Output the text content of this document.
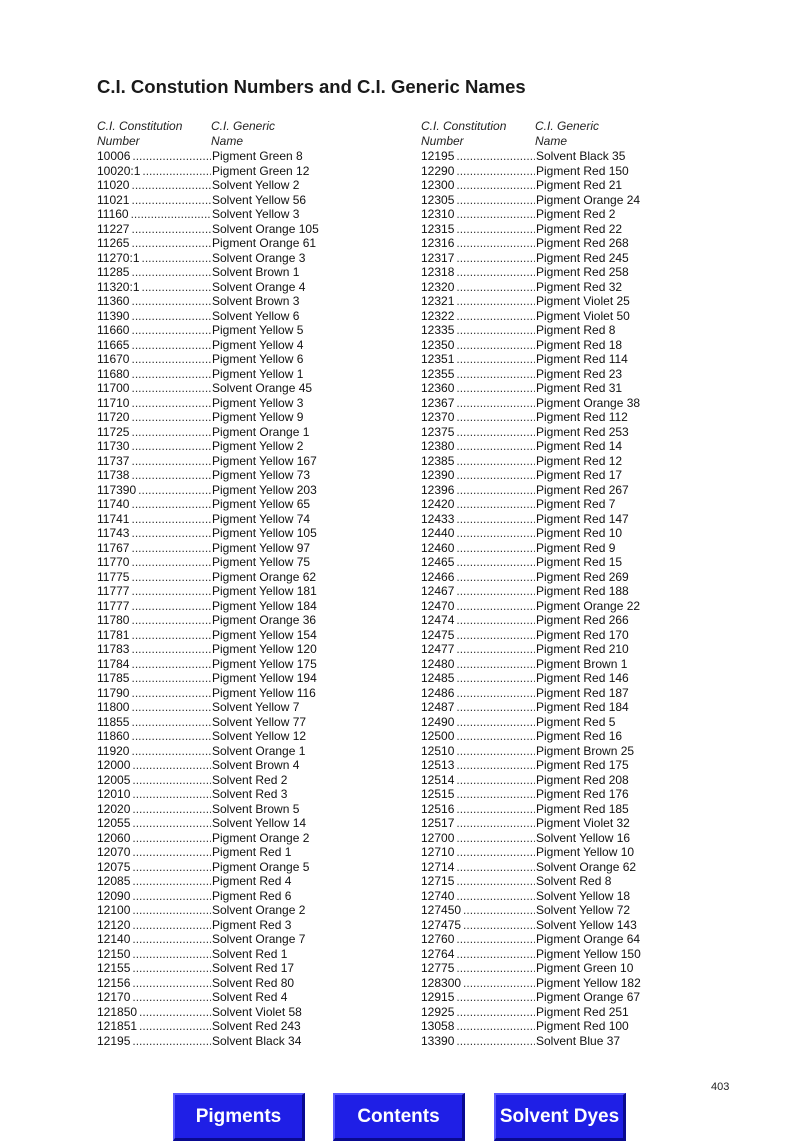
C.I. Constution Numbers and C.I. Generic Names
C.I. Constitution
Number
C.I. Generic
Name
10006 .....	Pigment Green 8
10020:1 .....	Pigment Green 12
11020 .....	Solvent Yellow 2
11021 .....	Solvent Yellow 56
11160 .....	Solvent Yellow 3
11227 .....	Solvent Orange 105
11265 .....	Pigment Orange 61
11270:1 .....	Solvent Orange 3
11285 .....	Solvent Brown 1
11320:1 .....	Solvent Orange 4
11360 .....	Solvent Brown 3
11390 .....	Solvent Yellow 6
11660 .....	Pigment Yellow 5
11665 .....	Pigment Yellow 4
11670 .....	Pigment Yellow 6
11680 .....	Pigment Yellow 1
11700 .....	Solvent Orange 45
11710 .....	Pigment Yellow 3
11720 .....	Pigment Yellow 9
11725 .....	Pigment Orange 1
11730 .....	Pigment Yellow 2
11737 .....	Pigment Yellow 167
11738 .....	Pigment Yellow 73
117390 .....	Pigment Yellow 203
11740 .....	Pigment Yellow 65
11741 .....	Pigment Yellow 74
11743 .....	Pigment Yellow 105
11767 .....	Pigment Yellow 97
11770 .....	Pigment Yellow 75
11775 .....	Pigment Orange 62
11777 .....	Pigment Yellow 181
11777 .....	Pigment Yellow 184
11780 .....	Pigment Orange 36
11781 .....	Pigment Yellow 154
11783 .....	Pigment Yellow 120
11784 .....	Pigment Yellow 175
11785 .....	Pigment Yellow 194
11790 .....	Pigment Yellow 116
11800 .....	Solvent Yellow 7
11855 .....	Solvent Yellow 77
11860 .....	Solvent Yellow 12
11920 .....	Solvent Orange 1
12000 .....	Solvent Brown 4
12005 .....	Solvent Red 2
12010 .....	Solvent Red 3
12020 .....	Solvent Brown 5
12055 .....	Solvent Yellow 14
12060 .....	Pigment Orange 2
12070 .....	Pigment Red 1
12075 .....	Pigment Orange 5
12085 .....	Pigment Red 4
12090 .....	Pigment Red 6
12100 .....	Solvent Orange 2
12120 .....	Pigment Red 3
12140 .....	Solvent Orange 7
12150 .....	Solvent Red 1
12155 .....	Solvent Red 17
12156 .....	Solvent Red 80
12170 .....	Solvent Red 4
121850 .....	Solvent Violet 58
121851 .....	Solvent Red 243
12195 .....	Solvent Black 34
C.I. Constitution
Number
C.I. Generic
Name
12195 .....	Solvent Black 35
12290 .....	Pigment Red 150
12300 .....	Pigment Red 21
12305 .....	Pigment Orange 24
12310 .....	Pigment Red 2
12315 .....	Pigment Red 22
12316 .....	Pigment Red 268
12317 .....	Pigment Red 245
12318 .....	Pigment Red 258
12320 .....	Pigment Red 32
12321 .....	Pigment Violet 25
12322 .....	Pigment Violet 50
12335 .....	Pigment Red 8
12350 .....	Pigment Red 18
12351 .....	Pigment Red 114
12355 .....	Pigment Red 23
12360 .....	Pigment Red 31
12367 .....	Pigment Orange 38
12370 .....	Pigment Red 112
12375 .....	Pigment Red 253
12380 .....	Pigment Red 14
12385 .....	Pigment Red 12
12390 .....	Pigment Red 17
12396 .....	Pigment Red 267
12420 .....	Pigment Red 7
12433 .....	Pigment Red 147
12440 .....	Pigment Red 10
12460 .....	Pigment Red 9
12465 .....	Pigment Red 15
12466 .....	Pigment Red 269
12467 .....	Pigment Red 188
12470 .....	Pigment Orange 22
12474 .....	Pigment Red 266
12475 .....	Pigment Red 170
12477 .....	Pigment Red 210
12480 .....	Pigment Brown 1
12485 .....	Pigment Red 146
12486 .....	Pigment Red 187
12487 .....	Pigment Red 184
12490 .....	Pigment Red 5
12500 .....	Pigment Red 16
12510 .....	Pigment Brown 25
12513 .....	Pigment Red 175
12514 .....	Pigment Red 208
12515 .....	Pigment Red 176
12516 .....	Pigment Red 185
12517 .....	Pigment Violet 32
12700 .....	Solvent Yellow 16
12710 .....	Pigment Yellow 10
12714 .....	Solvent Orange 62
12715 .....	Solvent Red 8
12740 .....	Solvent Yellow 18
127450 .....	Solvent Yellow 72
127475 .....	Solvent Yellow 143
12760 .....	Pigment Orange 64
12764 .....	Pigment Yellow 150
12775 .....	Pigment Green 10
128300 .....	Pigment Yellow 182
12915 .....	Pigment Orange 67
12925 .....	Pigment Red 251
13058 .....	Pigment Red 100
13390 .....	Solvent Blue 37
403
Pigments	Contents	Solvent Dyes
